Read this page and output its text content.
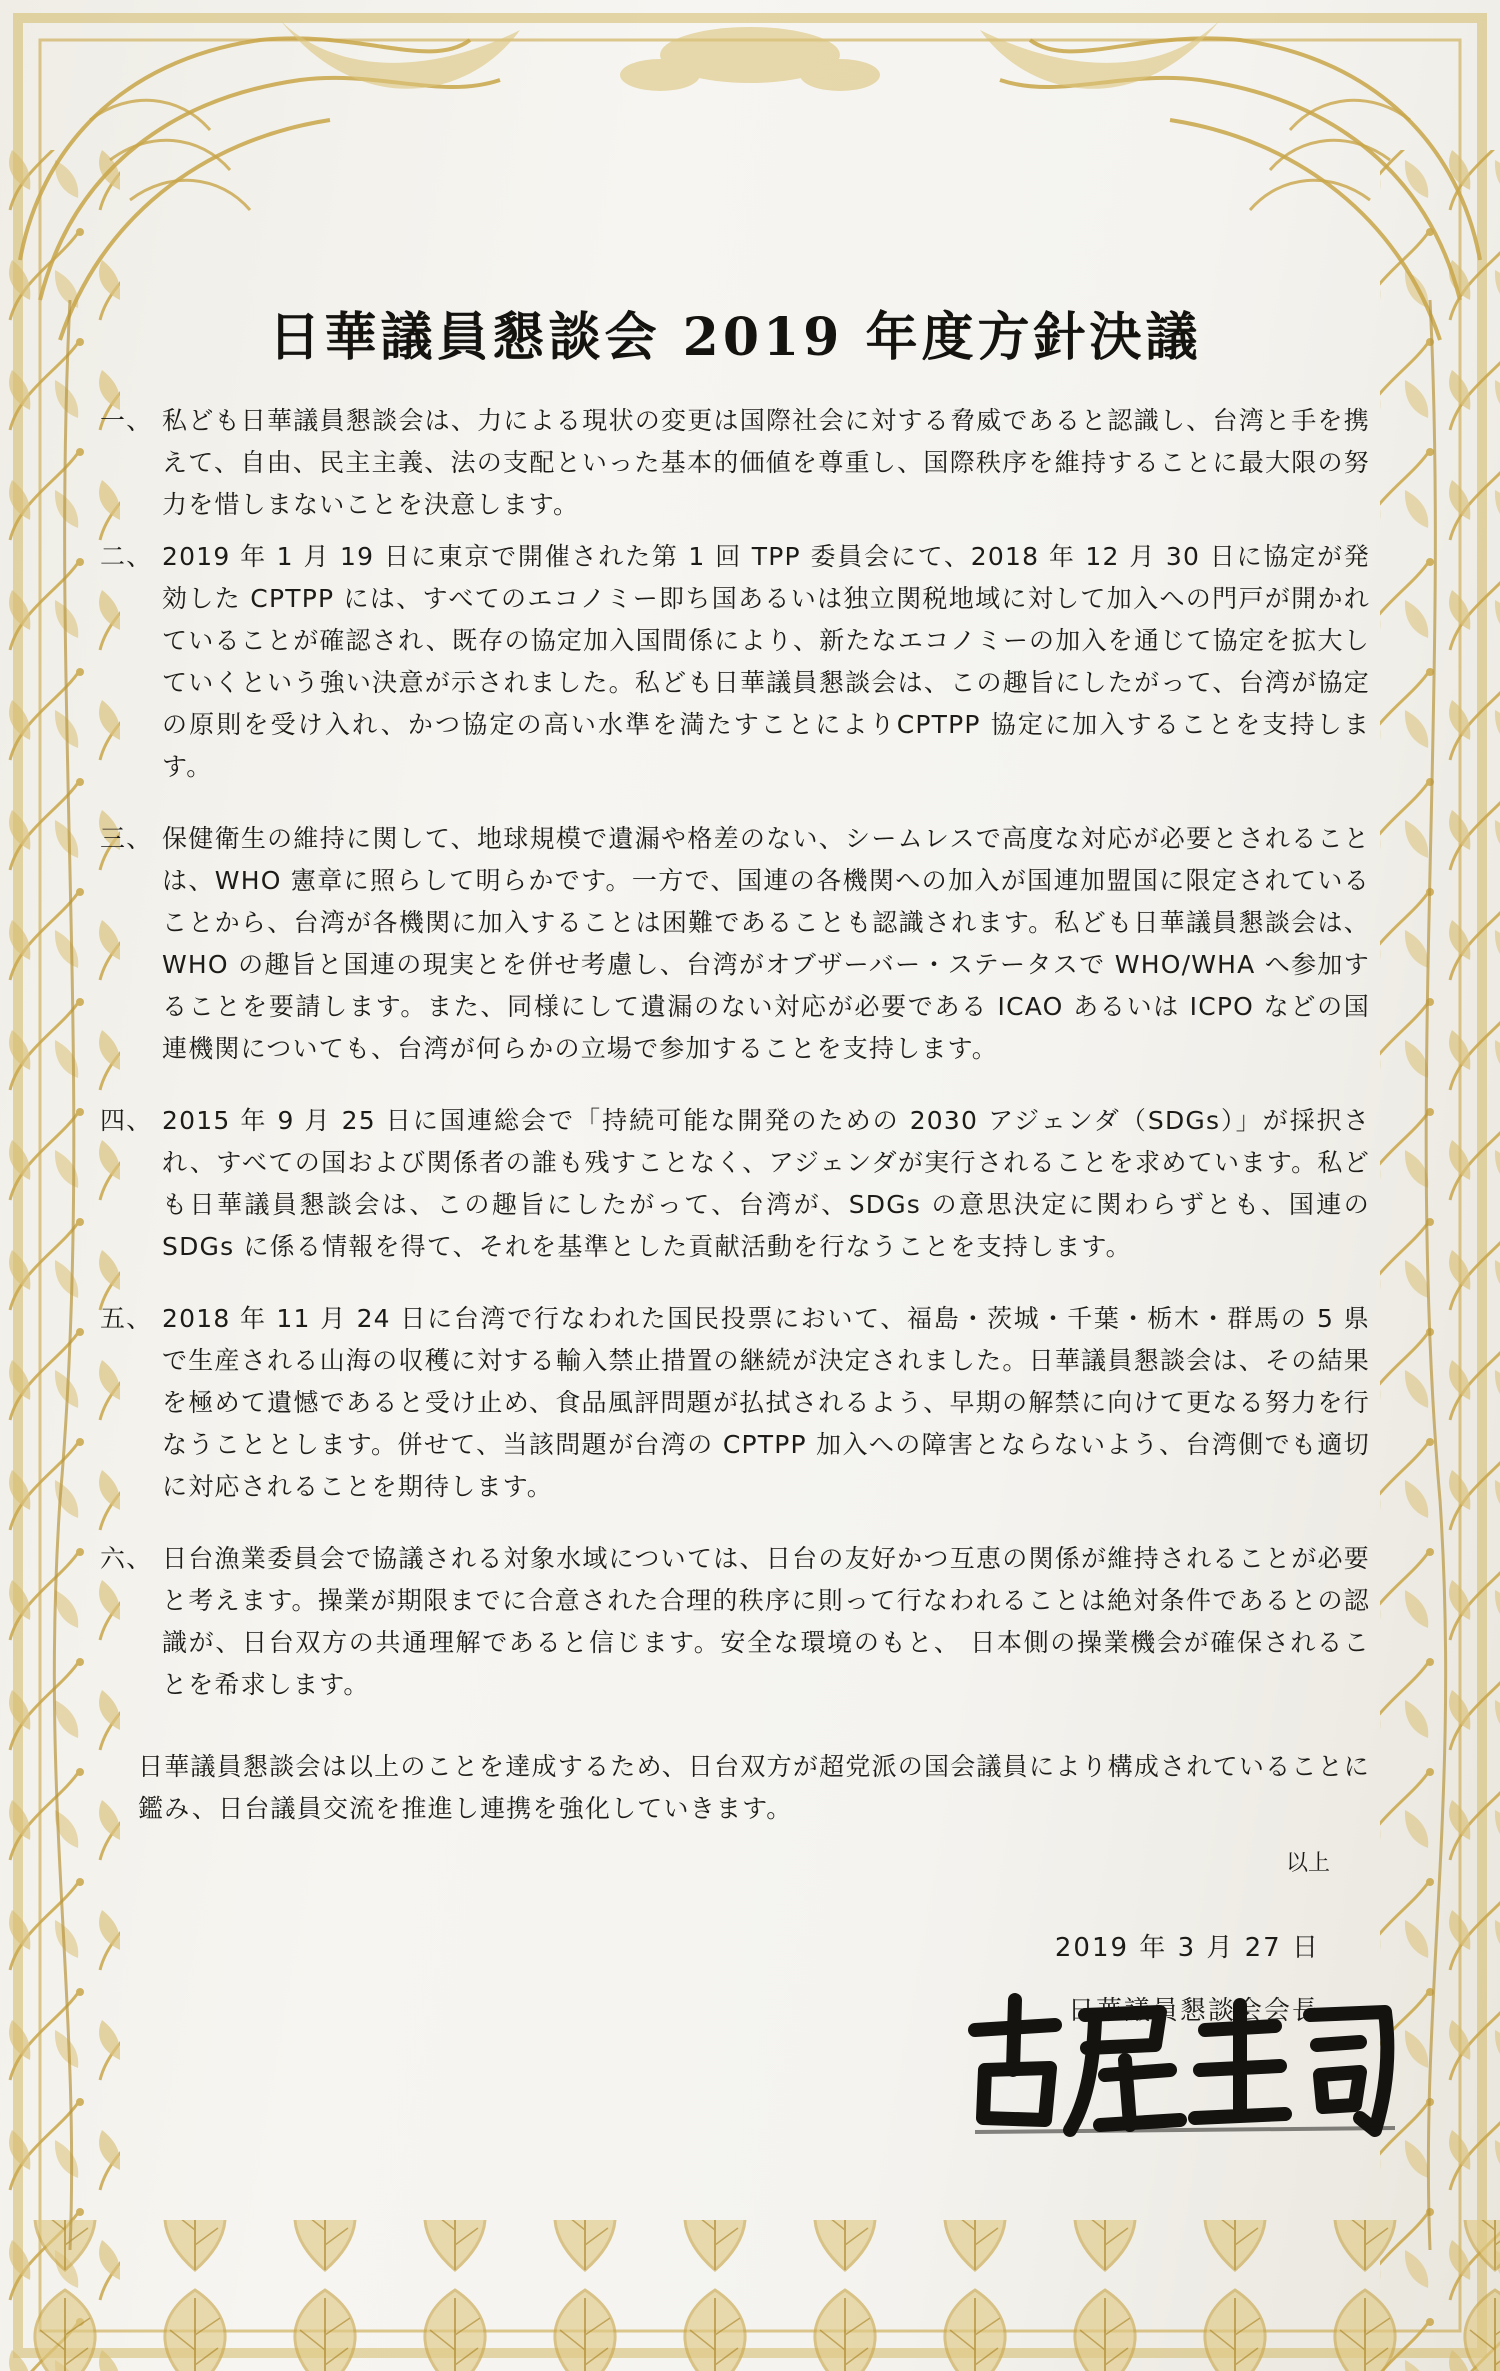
日華議員懇談会 2019 年度方針決議
一、 私ども日華議員懇談会は、力による現状の変更は国際社会に対する脅威であると認識し、台湾と手を携えて、自由、民主主義、法の支配といった基本的価値を尊重し、国際秩序を維持することに最大限の努力を惜しまないことを決意します。

二、 2019 年 1 月 19 日に東京で開催された第 1 回 TPP 委員会にて、2018 年 12 月 30 日に協定が発効した CPTPP には、すべてのエコノミー即ち国あるいは独立関税地域に対して加入への門戸が開かれていることが確認され、既存の協定加入国間係により、新たなエコノミーの加入を通じて協定を拡大していくという強い決意が示されました。私ども日華議員懇談会は、この趣旨にしたがって、台湾が協定の原則を受け入れ、かつ協定の高い水準を満たすことによりCPTPP 協定に加入することを支持します。

三、 保健衛生の維持に関して、地球規模で遺漏や格差のない、シームレスで高度な対応が必要とされることは、WHO 憲章に照らして明らかです。一方で、国連の各機関への加入が国連加盟国に限定されていることから、台湾が各機関に加入することは困難であることも認識されます。私ども日華議員懇談会は、WHO の趣旨と国連の現実とを併せ考慮し、台湾がオブザーバー・ステータスで WHO/WHA へ参加することを要請します。また、同様にして遺漏のない対応が必要である ICAO あるいは ICPO などの国連機関についても、台湾が何らかの立場で参加することを支持します。

四、 2015 年 9 月 25 日に国連総会で「持続可能な開発のための 2030 アジェンダ（SDGs）」が採択され、すべての国および関係者の誰も残すことなく、アジェンダが実行されることを求めています。私ども日華議員懇談会は、この趣旨にしたがって、台湾が、SDGs の意思決定に関わらずとも、国連の SDGs に係る情報を得て、それを基準とした貢献活動を行なうことを支持します。

五、 2018 年 11 月 24 日に台湾で行なわれた国民投票において、福島・茨城・千葉・栃木・群馬の 5 県で生産される山海の収穫に対する輸入禁止措置の継続が決定されました。日華議員懇談会は、その結果を極めて遺憾であると受け止め、食品風評問題が払拭されるよう、早期の解禁に向けて更なる努力を行なうこととします。併せて、当該問題が台湾の CPTPP 加入への障害とならないよう、台湾側でも適切に対応されることを期待します。

六、 日台漁業委員会で協議される対象水域については、日台の友好かつ互恵の関係が維持されることが必要と考えます。操業が期限までに合意された合理的秩序に則って行なわれることは絶対条件であるとの認識が、日台双方の共通理解であると信じます。安全な環境のもと、 日本側の操業機会が確保されることを希求します。

日華議員懇談会は以上のことを達成するため、日台双方が超党派の国会議員により構成されていることに鑑み、日台議員交流を推進し連携を強化していきます。

以上

2019 年 3 月 27 日

日華議員懇談会会長
